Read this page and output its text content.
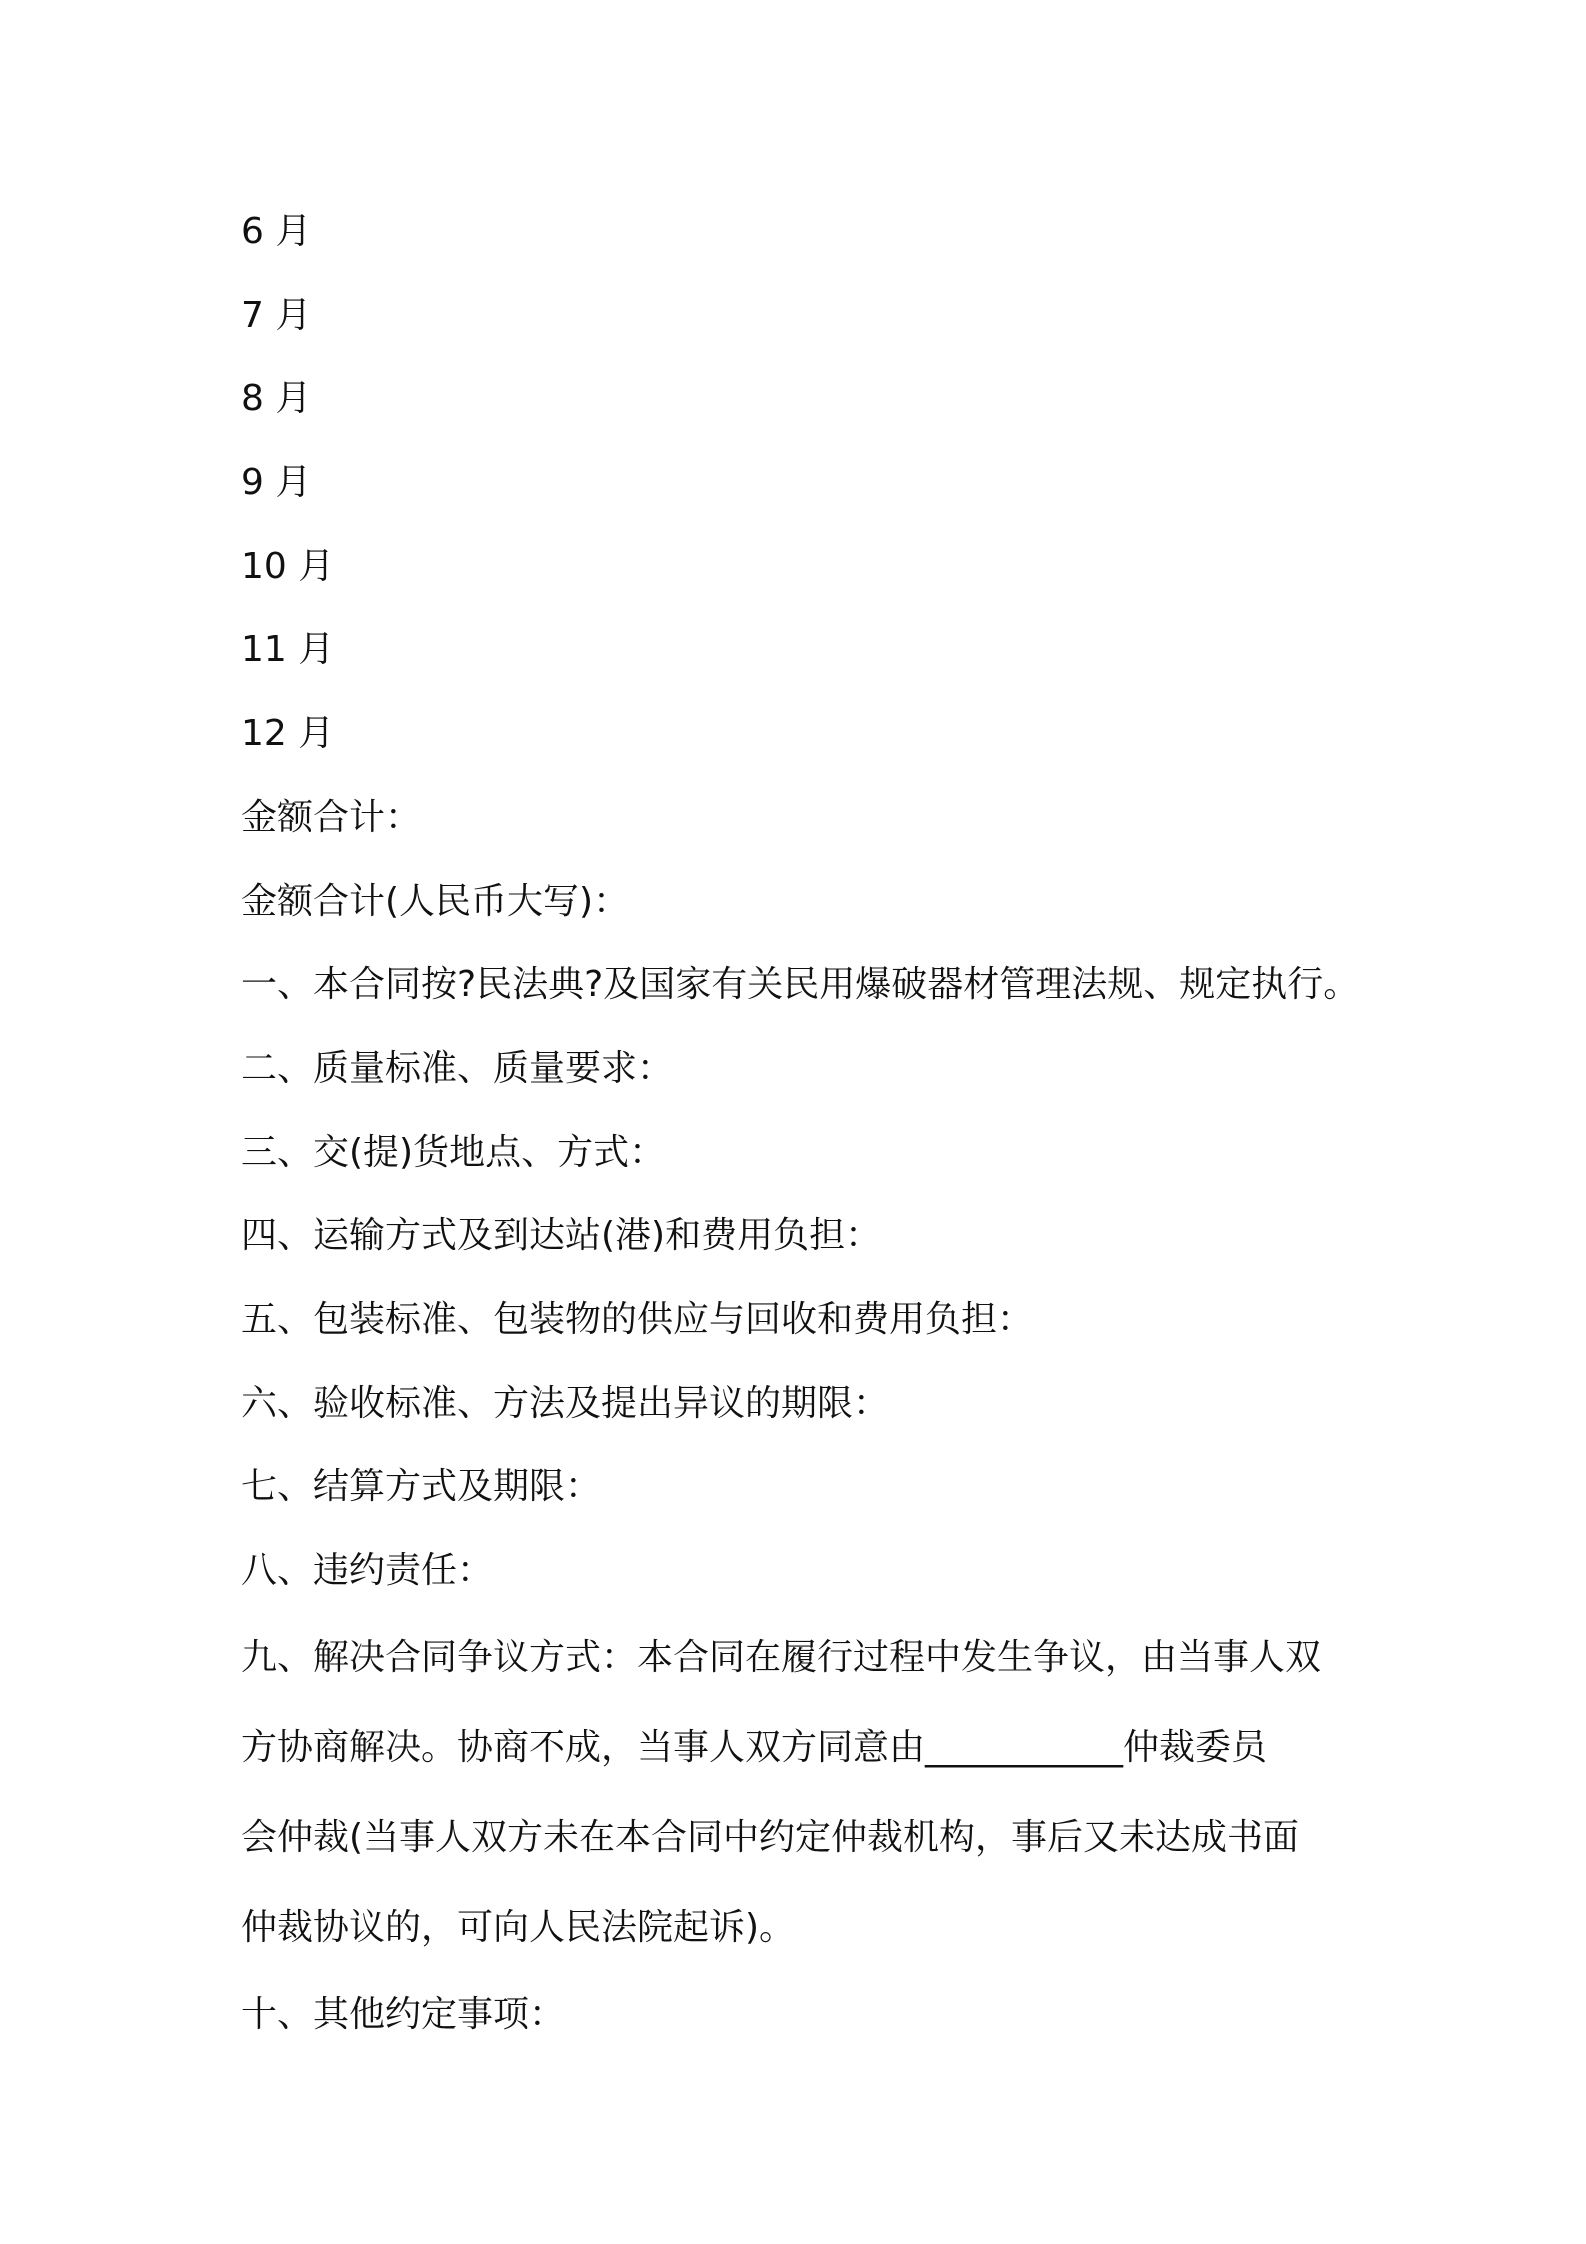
6 月

7 月

8 月

9 月

10 月

11 月

12 月

金额合计：

金额合计(人民币大写)：

一、本合同按?民法典?及国家有关民用爆破器材管理法规、规定执行。

二、质量标准、质量要求：

三、交(提)货地点、方式：

四、运输方式及到达站(港)和费用负担：

五、包装标准、包装物的供应与回收和费用负担：

六、验收标准、方法及提出异议的期限：

七、结算方式及期限：

八、违约责任：

九、解决合同争议方式：本合同在履行过程中发生争议，由当事人双

方协商解决。协商不成，当事人双方同意由___________仲裁委员

会仲裁(当事人双方未在本合同中约定仲裁机构，事后又未达成书面

仲裁协议的，可向人民法院起诉)。

十、其他约定事项：
